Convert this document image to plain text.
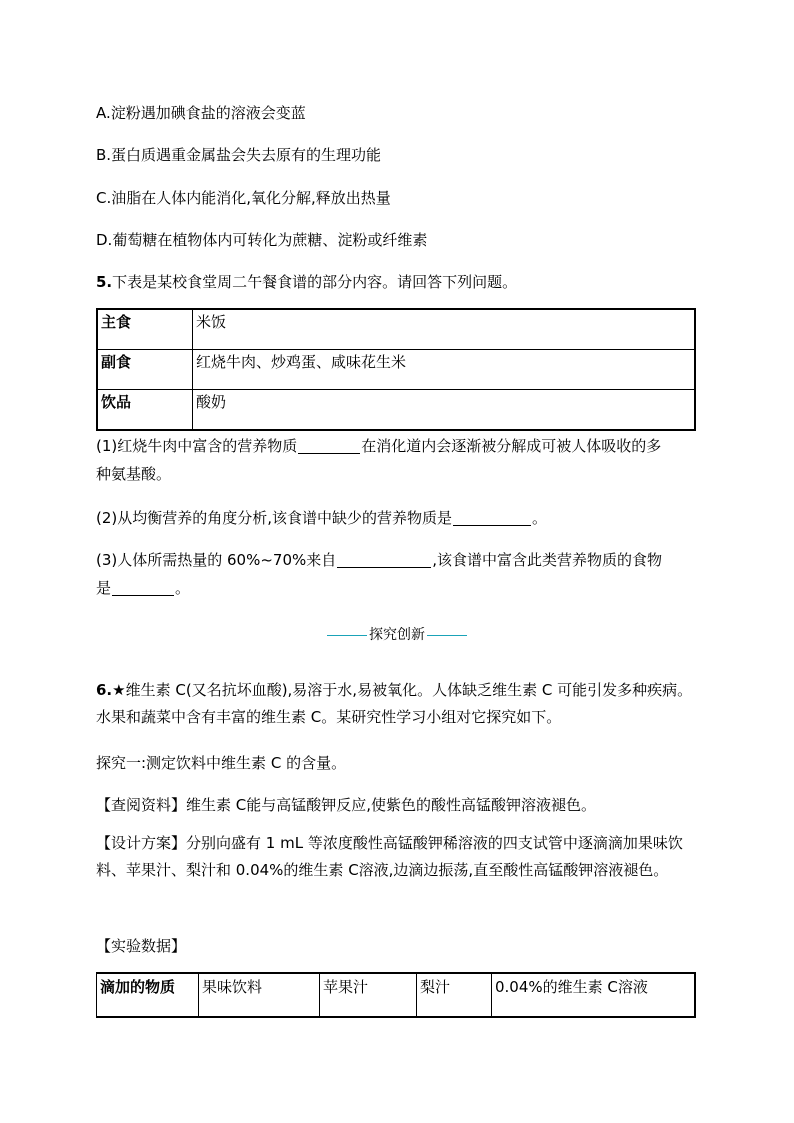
A.淀粉遇加碘食盐的溶液会变蓝
B.蛋白质遇重金属盐会失去原有的生理功能
C.油脂在人体内能消化,氧化分解,释放出热量
D.葡萄糖在植物体内可转化为蔗糖、淀粉或纤维素
5.下表是某校食堂周二午餐食谱的部分内容。请回答下列问题。
主食	米饭
副食	红烧牛肉、炒鸡蛋、咸味花生米
饮品	酸奶
(1)红烧牛肉中富含的营养物质	在消化道内会逐渐被分解成可被人体吸收的多
种氨基酸。
(2)从均衡营养的角度分析,该食谱中缺少的营养物质是	。
(3)人体所需热量的 60%~70%来自	,该食谱中富含此类营养物质的食物
是	。
探究创新
6.★维生素 C(又名抗坏血酸),易溶于水,易被氧化。人体缺乏维生素 C 可能引发多种疾病。水果和蔬菜中含有丰富的维生素 C。某研究性学习小组对它探究如下。
探究一:测定饮料中维生素 C 的含量。
【查阅资料】维生素 C能与高锰酸钾反应,使紫色的酸性高锰酸钾溶液褪色。
【设计方案】分别向盛有 1 mL 等浓度酸性高锰酸钾稀溶液的四支试管中逐滴滴加果味饮料、苹果汁、梨汁和 0.04%的维生素 C溶液,边滴边振荡,直至酸性高锰酸钾溶液褪色。
【实验数据】
滴加的物质	果味饮料	苹果汁	梨汁	0.04%的维生素 C溶液
